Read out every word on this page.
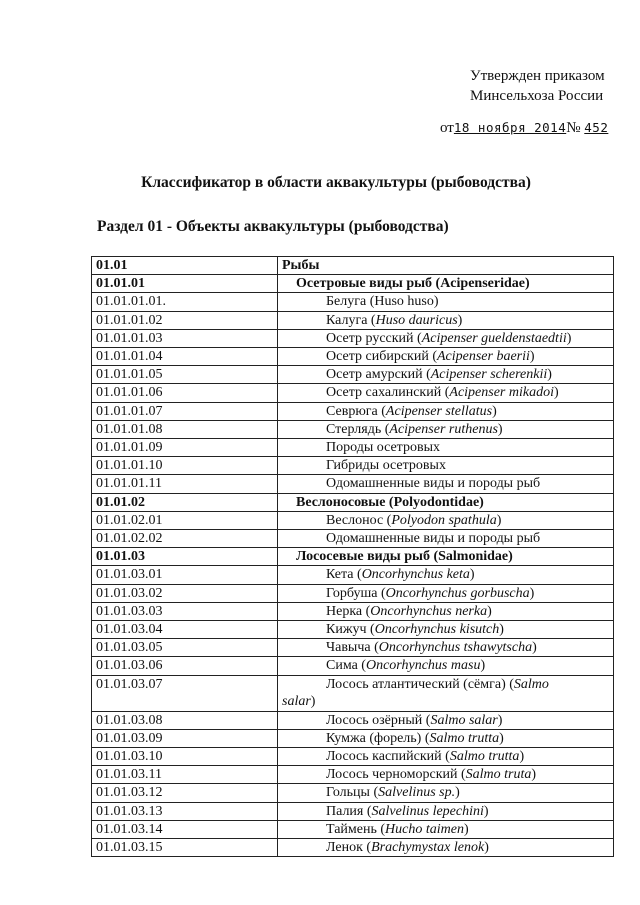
Утвержден приказом
Минсельхоза России
от18 ноября 2014№ 452
Классификатор в области аквакультуры (рыбоводства)
Раздел 01 - Объекты аквакультуры (рыбоводства)
01.01	Рыбы
01.01.01	Осетровые виды рыб (Acipenseridae)
01.01.01.01.	Белуга (Huso huso)
01.01.01.02	Калуга (Huso dauricus)
01.01.01.03	Осетр русский (Acipenser gueldenstaedtii)
01.01.01.04	Осетр сибирский (Acipenser baerii)
01.01.01.05	Осетр амурский (Acipenser scherenkii)
01.01.01.06	Осетр сахалинский (Acipenser mikadoi)
01.01.01.07	Севрюга (Acipenser stellatus)
01.01.01.08	Стерлядь (Acipenser ruthenus)
01.01.01.09	Породы осетровых
01.01.01.10	Гибриды осетровых
01.01.01.11	Одомашненные виды и породы рыб
01.01.02	Веслоносовые (Polyodontidae)
01.01.02.01	Веслонос (Polyodon spathula)
01.01.02.02	Одомашненные виды и породы рыб
01.01.03	Лососевые виды рыб (Salmonidae)
01.01.03.01	Кета (Oncorhynchus keta)
01.01.03.02	Горбуша (Oncorhynchus gorbuscha)
01.01.03.03	Нерка (Oncorhynchus nerka)
01.01.03.04	Кижуч (Oncorhynchus kisutch)
01.01.03.05	Чавыча (Oncorhynchus tshawytscha)
01.01.03.06	Сима (Oncorhynchus masu)
01.01.03.07	Лосось атлантический (сёмга) (Salmo
salar)
01.01.03.08	Лосось озёрный (Salmo salar)
01.01.03.09	Кумжа (форель) (Salmo trutta)
01.01.03.10	Лосось каспийский (Salmo trutta)
01.01.03.11	Лосось черноморский (Salmo truta)
01.01.03.12	Гольцы (Salvelinus sp.)
01.01.03.13	Палия (Salvelinus lepechini)
01.01.03.14	Таймень (Hucho taimen)
01.01.03.15	Ленок (Brachymystax lenok)
